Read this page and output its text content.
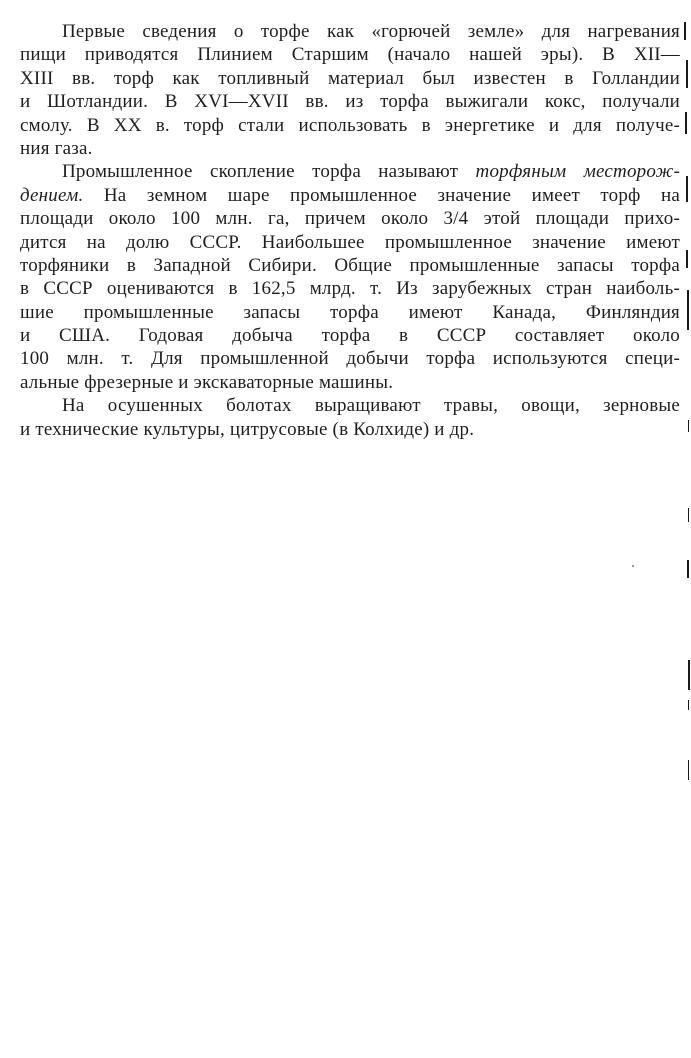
Первые сведения о торфе как «горючей земле» для нагревания
пищи приводятся Плинием Старшим (начало нашей эры). В XII—
XIII вв. торф как топливный материал был известен в Голландии
и Шотландии. В XVI—XVII вв. из торфа выжигали кокс, получали
смолу. В XX в. торф стали использовать в энергетике и для получе-
ния газа.
Промышленное скопление торфа называют торфяным месторож-
дением. На земном шаре промышленное значение имеет торф на
площади около 100 млн. га, причем около 3/4 этой площади прихо-
дится на долю СССР. Наибольшее промышленное значение имеют
торфяники в Западной Сибири. Общие промышленные запасы торфа
в СССР оцениваются в 162,5 млрд. т. Из зарубежных стран наиболь-
шие промышленные запасы торфа имеют Канада, Финляндия
и США. Годовая добыча торфа в СССР составляет около
100 млн. т. Для промышленной добычи торфа используются специ-
альные фрезерные и экскаваторные машины.
На осушенных болотах выращивают травы, овощи, зерновые
и технические культуры, цитрусовые (в Колхиде) и др.
